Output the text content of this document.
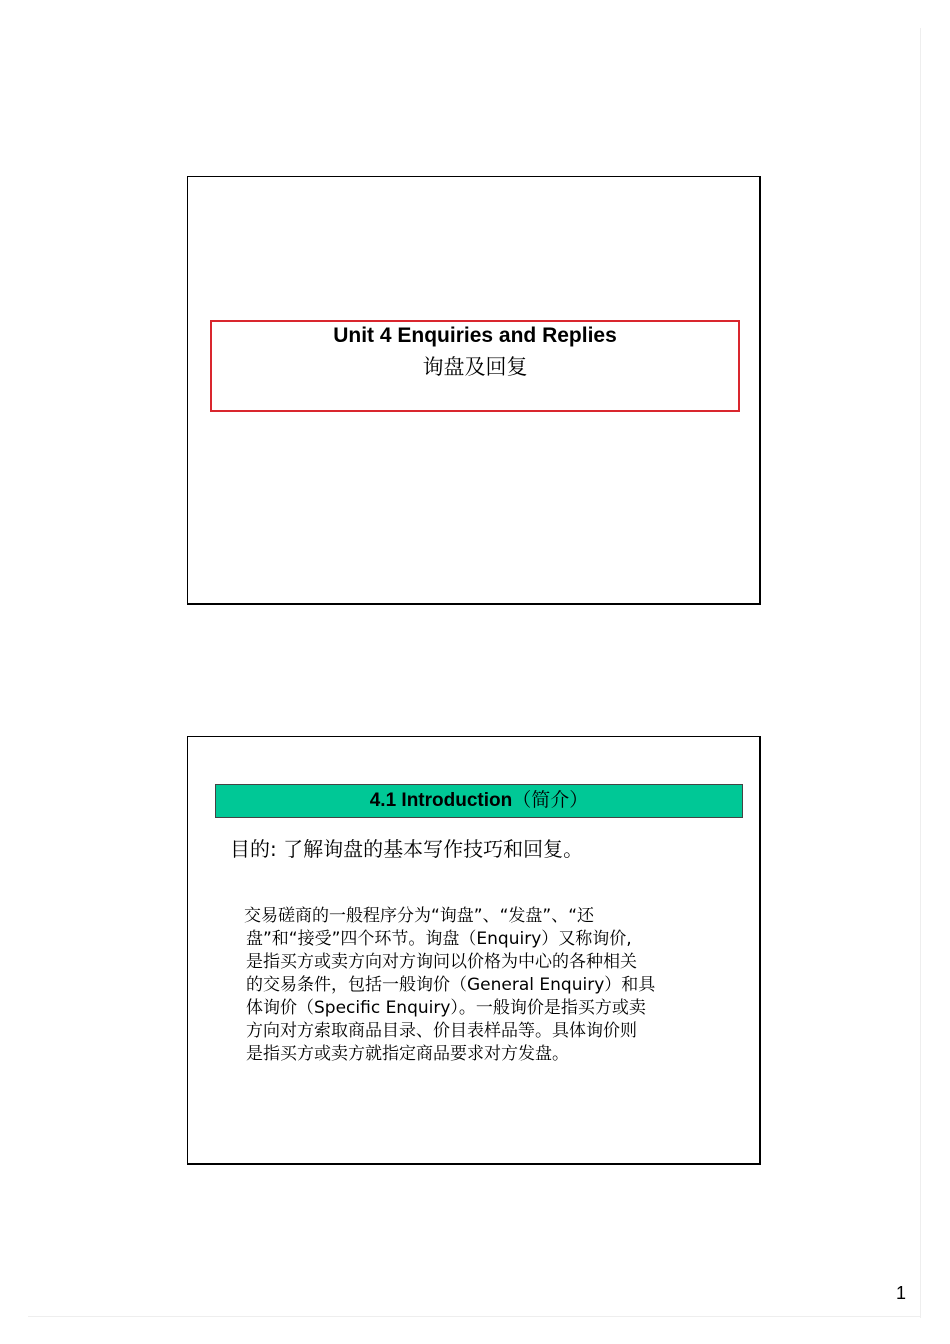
Unit 4 Enquiries and Replies
询盘及回复
4.1 Introduction（简介）
目的: 了解询盘的基本写作技巧和回复。
交易磋商的一般程序分为“询盘”、“发盘”、“还
盘”和“接受”四个环节。询盘（Enquiry）又称询价,
是指买方或卖方向对方询问以价格为中心的各种相关
的交易条件，包括一般询价（General Enquiry）和具
体询价（Specific Enquiry）。一般询价是指买方或卖
方向对方索取商品目录、价目表样品等。具体询价则
是指买方或卖方就指定商品要求对方发盘。
1
